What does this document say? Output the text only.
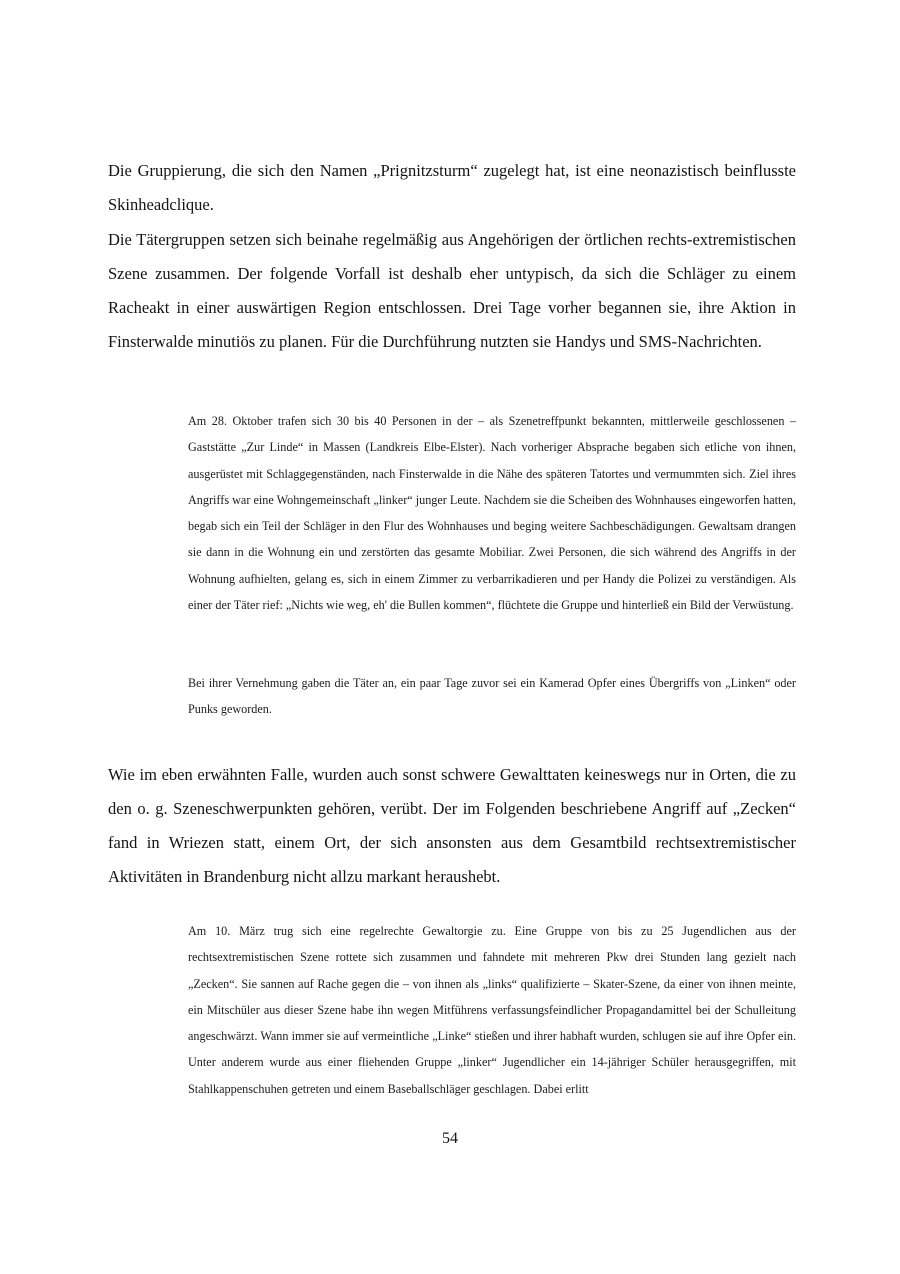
Die Gruppierung, die sich den Namen „Prignitzsturm“ zugelegt hat, ist eine neonazistisch beinflusste Skinheadclique.

Die Tätergruppen setzen sich beinahe regelmäßig aus Angehörigen der örtlichen rechts-extremistischen Szene zusammen. Der folgende Vorfall ist deshalb eher untypisch, da sich die Schläger zu einem Racheakt in einer auswärtigen Region entschlossen. Drei Tage vorher begannen sie, ihre Aktion in Finsterwalde minutiös zu planen. Für die Durchführung nutzten sie Handys und SMS-Nachrichten.

Am 28. Oktober trafen sich 30 bis 40 Personen in der – als Szenetreffpunkt bekannten, mittlerweile geschlossenen – Gaststätte „Zur Linde“ in Massen (Landkreis Elbe-Elster). Nach vorheriger Absprache begaben sich etliche von ihnen, ausgerüstet mit Schlaggegenständen, nach Finsterwalde in die Nähe des späteren Tatortes und vermummten sich. Ziel ihres Angriffs war eine Wohngemeinschaft „linker“ junger Leute. Nachdem sie die Scheiben des Wohnhauses eingeworfen hatten, begab sich ein Teil der Schläger in den Flur des Wohnhauses und beging weitere Sachbeschädigungen. Gewaltsam drangen sie dann in die Wohnung ein und zerstörten das gesamte Mobiliar. Zwei Personen, die sich während des Angriffs in der Wohnung aufhielten, gelang es, sich in einem Zimmer zu verbarrikadieren und per Handy die Polizei zu verständigen. Als einer der Täter rief: „Nichts wie weg, eh' die Bullen kommen“, flüchtete die Gruppe und hinterließ ein Bild der Verwüstung.

Bei ihrer Vernehmung gaben die Täter an, ein paar Tage zuvor sei ein Kamerad Opfer eines Übergriffs von „Linken“ oder Punks geworden.

Wie im eben erwähnten Falle, wurden auch sonst schwere Gewalttaten keineswegs nur in Orten, die zu den o. g. Szeneschwerpunkten gehören, verübt. Der im Folgenden beschriebene Angriff auf „Zecken“ fand in Wriezen statt, einem Ort, der sich ansonsten aus dem Gesamtbild rechtsextremistischer Aktivitäten in Brandenburg nicht allzu markant heraushebt.

Am 10. März trug sich eine regelrechte Gewaltorgie zu. Eine Gruppe von bis zu 25 Jugendlichen aus der rechtsextremistischen Szene rottete sich zusammen und fahndete mit mehreren Pkw drei Stunden lang gezielt nach „Zecken“. Sie sannen auf Rache gegen die – von ihnen als „links“ qualifizierte – Skater-Szene, da einer von ihnen meinte, ein Mitschüler aus dieser Szene habe ihn wegen Mitführens verfassungsfeindlicher Propagandamittel bei der Schulleitung angeschwärzt. Wann immer sie auf vermeintliche „Linke“ stießen und ihrer habhaft wurden, schlugen sie auf ihre Opfer ein. Unter anderem wurde aus einer fliehenden Gruppe „linker“ Jugendlicher ein 14-jähriger Schüler herausgegriffen, mit Stahlkappenschuhen getreten und einem Baseballschläger geschlagen. Dabei erlitt

54
